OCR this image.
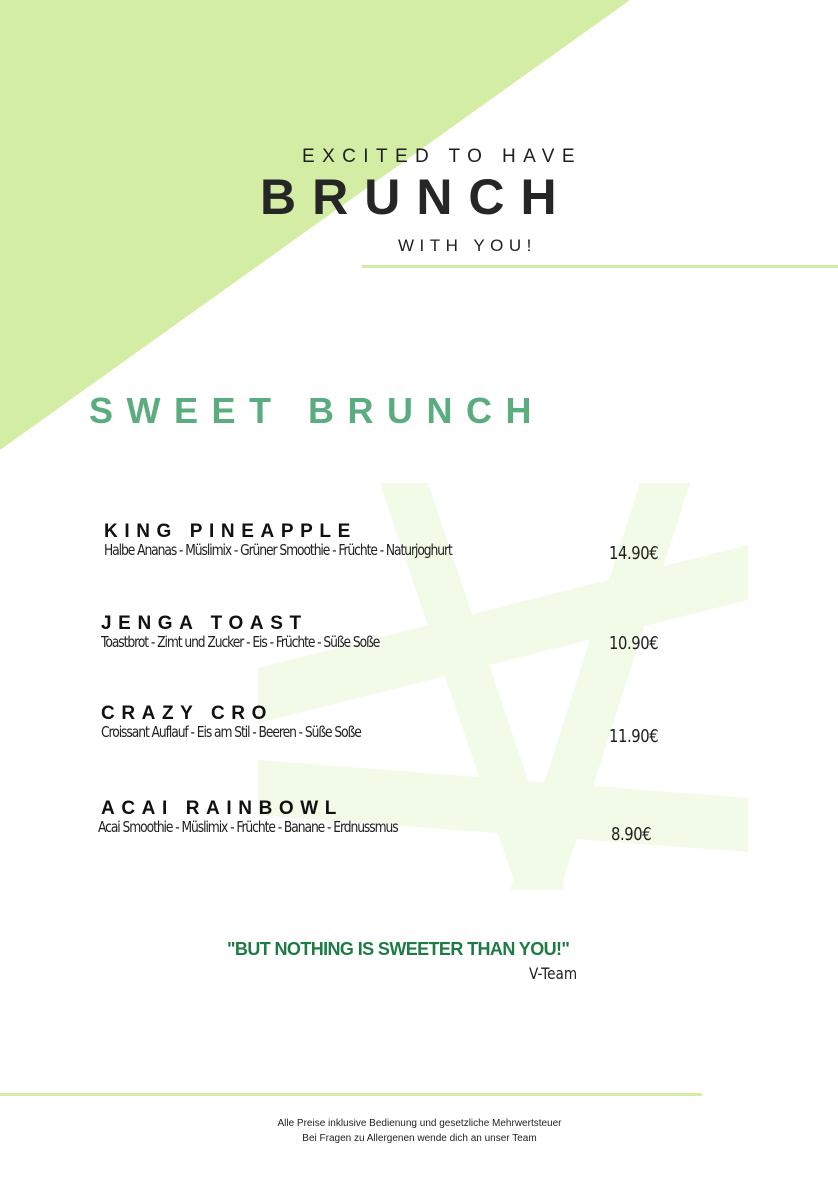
EXCITED TO HAVE
BRUNCH
WITH YOU!
SWEET BRUNCH
KING PINEAPPLE
Halbe Ananas - Müslimix - Grüner Smoothie - Früchte - Naturjoghurt	14.90€
JENGA TOAST
Toastbrot - Zimt und Zucker - Eis - Früchte - Süße Soße	10.90€
CRAZY CRO
Croissant Auflauf - Eis am Stil - Beeren - Süße Soße	11.90€
ACAI RAINBOWL
Acai Smoothie - Müslimix - Früchte - Banane - Erdnussmus	8.90€
"BUT NOTHING IS SWEETER THAN YOU!"
V-Team
Alle Preise inklusive Bedienung und gesetzliche Mehrwertsteuer
Bei Fragen zu Allergenen wende dich an unser Team
